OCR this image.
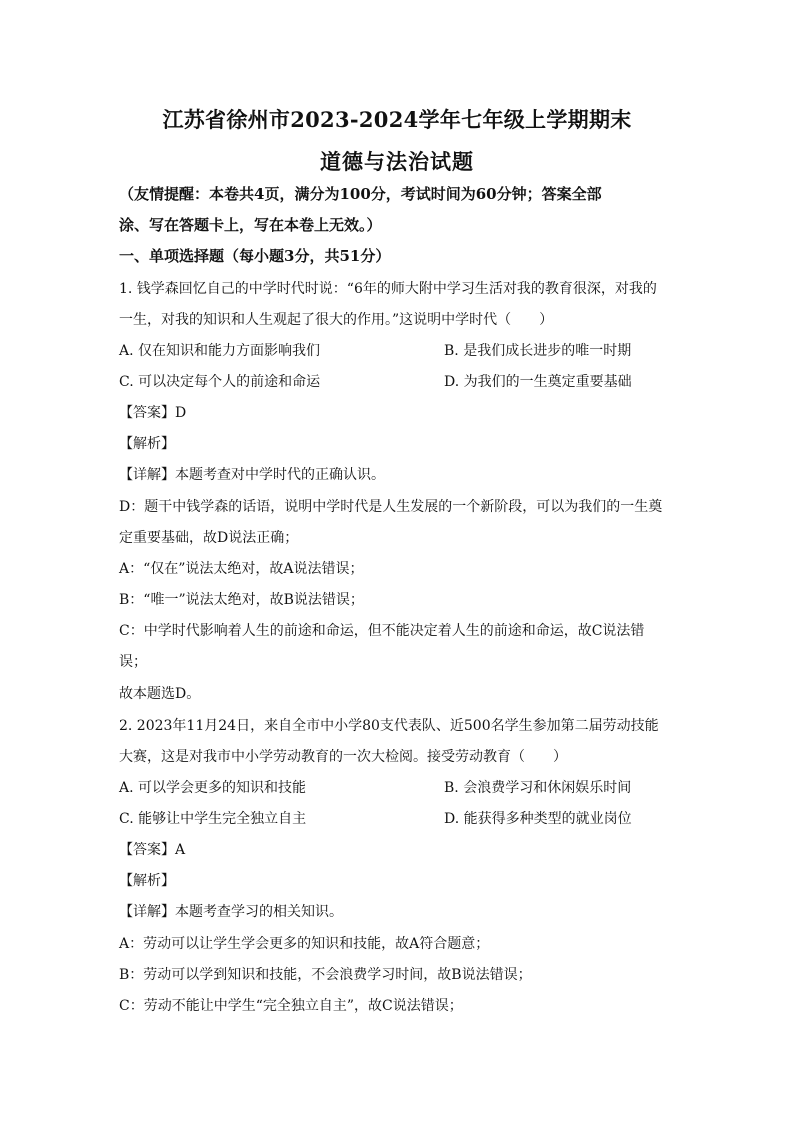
江苏省徐州市2023-2024学年七年级上学期期末
道德与法治试题
（友情提醒：本卷共4页，满分为100分，考试时间为60分钟；答案全部
涂、写在答题卡上，写在本卷上无效。）
一、单项选择题（每小题3分，共51分）
1. 钱学森回忆自己的中学时代时说：“6年的师大附中学习生活对我的教育很深，对我的
一生，对我的知识和人生观起了很大的作用。”这说明中学时代（　　）
A. 仅在知识和能力方面影响我们	B. 是我们成长进步的唯一时期
C. 可以决定每个人的前途和命运	D. 为我们的一生奠定重要基础
【答案】D
【解析】
【详解】本题考查对中学时代的正确认识。
D：题干中钱学森的话语，说明中学时代是人生发展的一个新阶段，可以为我们的一生奠
定重要基础，故D说法正确；
A：“仅在”说法太绝对，故A说法错误；
B：“唯一”说法太绝对，故B说法错误；
C：中学时代影响着人生的前途和命运，但不能决定着人生的前途和命运，故C说法错
误；
故本题选D。
2. 2023年11月24日，来自全市中小学80支代表队、近500名学生参加第二届劳动技能
大赛，这是对我市中小学劳动教育的一次大检阅。接受劳动教育（　　）
A. 可以学会更多的知识和技能	B. 会浪费学习和休闲娱乐时间
C. 能够让中学生完全独立自主	D. 能获得多种类型的就业岗位
【答案】A
【解析】
【详解】本题考查学习的相关知识。
A：劳动可以让学生学会更多的知识和技能，故A符合题意；
B：劳动可以学到知识和技能，不会浪费学习时间，故B说法错误；
C：劳动不能让中学生“完全独立自主”，故C说法错误；
